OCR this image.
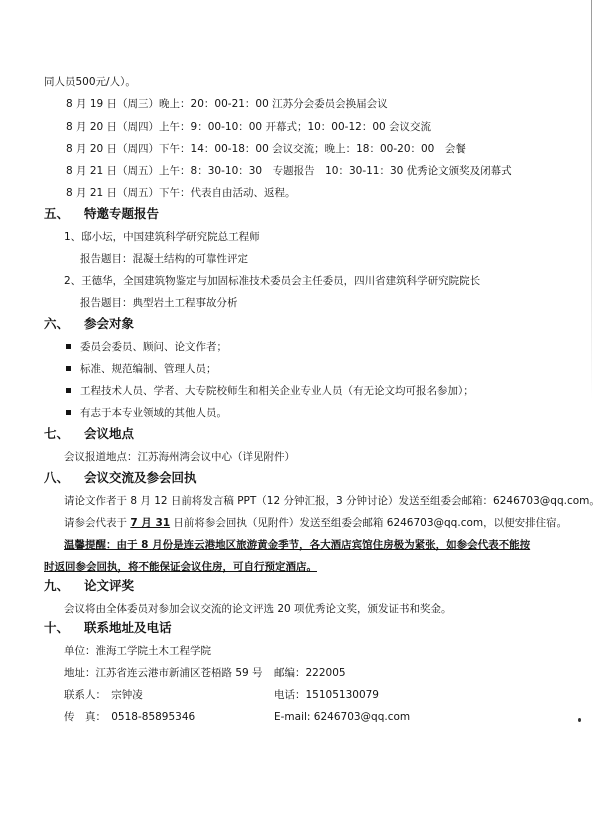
同人员500元/人）。
8 月 19 日（周三）晚上：20：00-21：00 江苏分会委员会换届会议
8 月 20 日（周四）上午：9：00-10：00 开幕式；10：00-12：00 会议交流
8 月 20 日（周四）下午：14：00-18：00 会议交流；晚上：18：00-20：00　会餐
8 月 21 日（周五）上午：8：30-10：30　专题报告　10：30-11：30 优秀论文颁奖及闭幕式
8 月 21 日（周五）下午：代表自由活动、返程。
五、 特邀专题报告
1、邸小坛，中国建筑科学研究院总工程师
报告题目：混凝土结构的可靠性评定
2、王德华，全国建筑物鉴定与加固标准技术委员会主任委员，四川省建筑科学研究院院长
报告题目：典型岩土工程事故分析
六、 参会对象
委员会委员、顾问、论文作者；
标准、规范编制、管理人员；
工程技术人员、学者、大专院校师生和相关企业专业人员（有无论文均可报名参加）；
有志于本专业领域的其他人员。
七、 会议地点
会议报道地点：江苏海州湾会议中心（详见附件）
八、 会议交流及参会回执
请论文作者于 8 月 12 日前将发言稿 PPT（12 分钟汇报，3 分钟讨论）发送至组委会邮箱：6246703@qq.com。
请参会代表于 7 月 31 日前将参会回执（见附件）发送至组委会邮箱 6246703@qq.com，以便安排住宿。
温馨提醒：由于 8 月份是连云港地区旅游黄金季节，各大酒店宾馆住房极为紧张，如参会代表不能按
时返回参会回执，将不能保证会议住房，可自行预定酒店。
九、 论文评奖
会议将由全体委员对参加会议交流的论文评选 20 项优秀论文奖，颁发证书和奖金。
十、 联系地址及电话
单位：淮海工学院土木工程学院
地址：江苏省连云港市新浦区苍梧路 59 号 邮编：222005
联系人：　宗钟凌	电话：15105130079
传　真：　0518-85895346	E-mail: 6246703@qq.com
